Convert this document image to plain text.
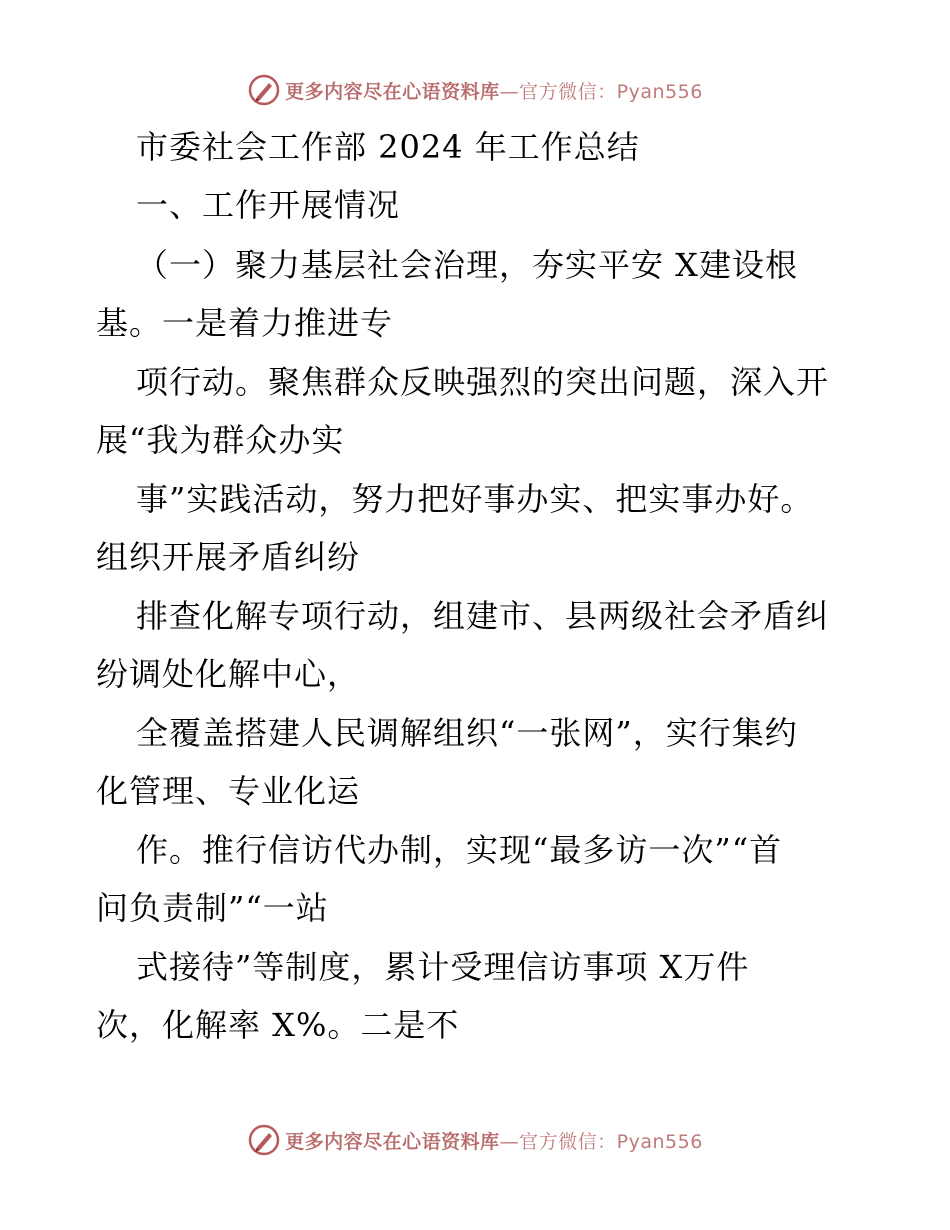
更多内容尽在心语资料库—官方微信：Pyan556
市委社会工作部 2024 年工作总结
一、工作开展情况
（一）聚力基层社会治理，夯实平安 X建设根
基。一是着力推进专
项行动。聚焦群众反映强烈的突出问题，深入开
展“我为群众办实
事”实践活动，努力把好事办实、把实事办好。
组织开展矛盾纠纷
排查化解专项行动，组建市、县两级社会矛盾纠
纷调处化解中心，
全覆盖搭建人民调解组织“一张网”，实行集约
化管理、专业化运
作。推行信访代办制，实现“最多访一次”“首
问负责制”“一站
式接待”等制度，累计受理信访事项 X万件
次，化解率 X%。二是不
更多内容尽在心语资料库—官方微信：Pyan556
